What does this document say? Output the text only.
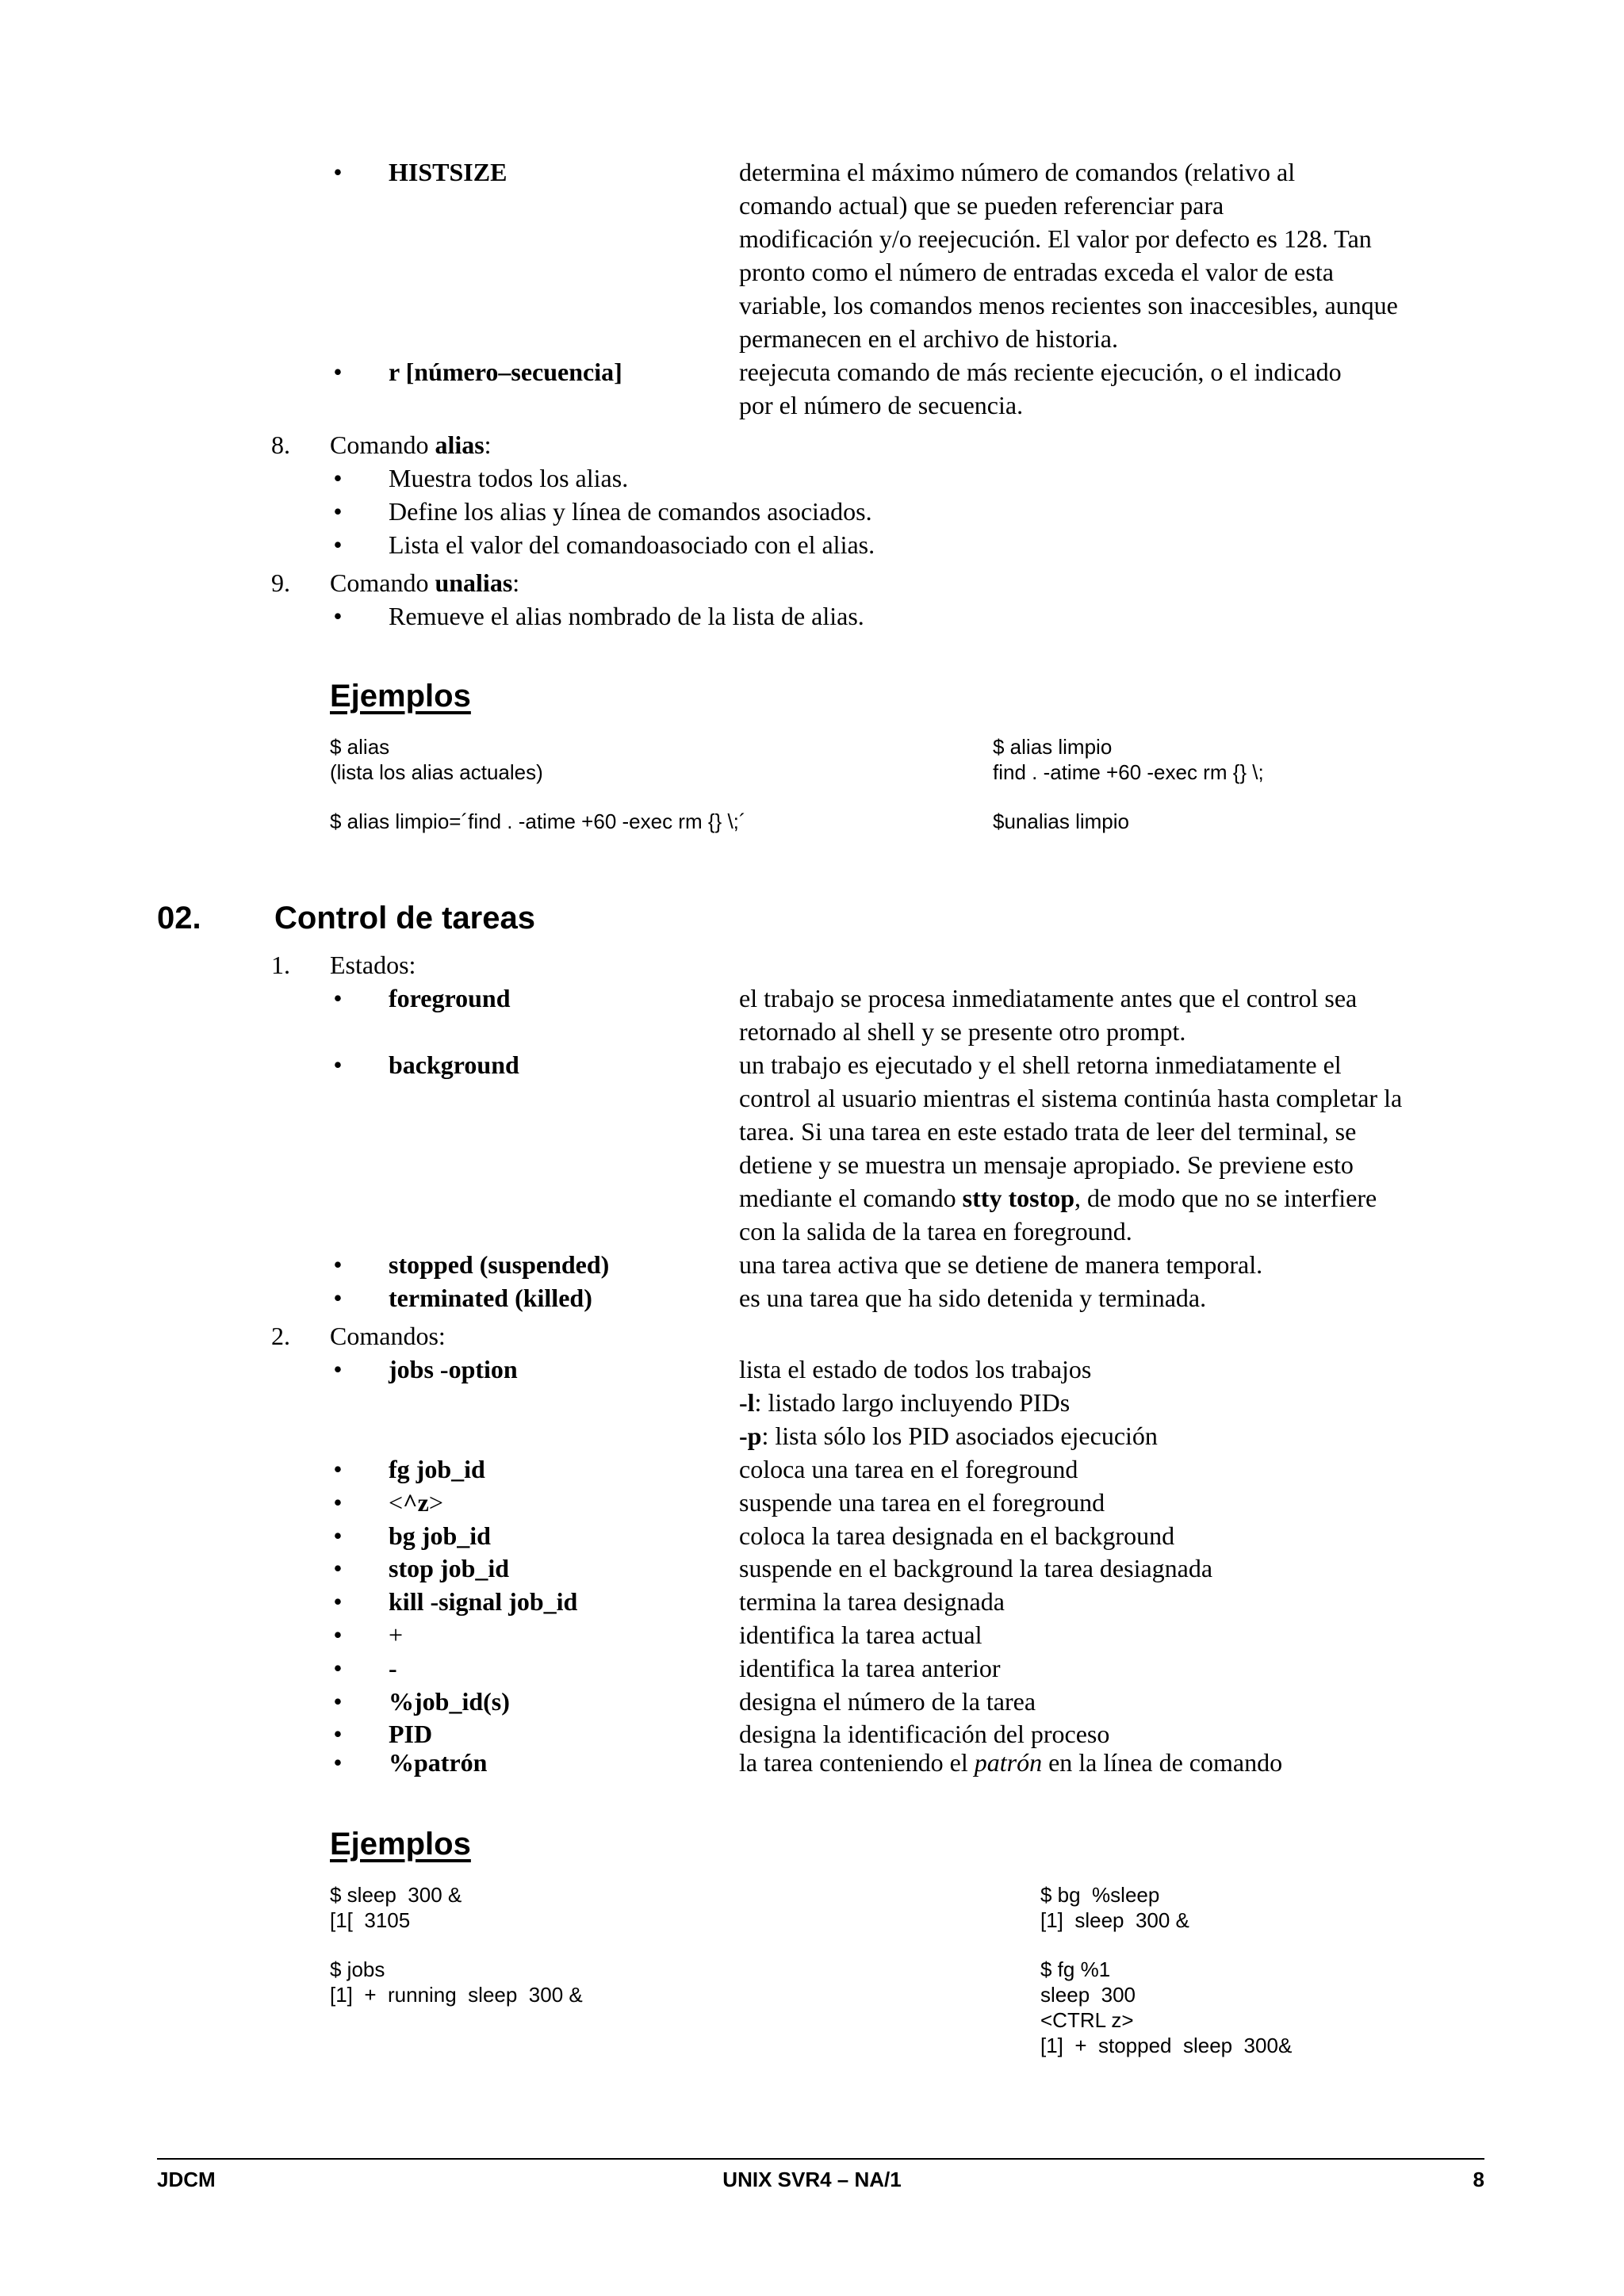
• HISTSIZE	determina el máximo número de comandos (relativo al
comando actual) que se pueden referenciar para
modificación y/o reejecución. El valor por defecto es 128. Tan
pronto como el número de entradas exceda el valor de esta
variable, los comandos menos recientes son inaccesibles, aunque
permanecen en el archivo de historia.
• r [número–secuencia]	reejecuta comando de más reciente ejecución, o el indicado
por el número de secuencia.
8. Comando alias:
• Muestra todos los alias.
• Define los alias y línea de comandos asociados.
• Lista el valor del comandoasociado con el alias.
9. Comando unalias:
• Remueve el alias nombrado de la lista de alias.
Ejemplos
$ alias
(lista los alias actuales)
$ alias limpio=´find . -atime +60 -exec rm {} \;´
$ alias limpio
find . -atime +60 -exec rm {} \;
$unalias limpio
02. Control de tareas
1. Estados:
• foreground	el trabajo se procesa inmediatamente antes que el control sea
retornado al shell y se presente otro prompt.
• background	un trabajo es ejecutado y el shell retorna inmediatamente el
control al usuario mientras el sistema continúa hasta completar la
tarea. Si una tarea en este estado trata de leer del terminal, se
detiene y se muestra un mensaje apropiado. Se previene esto
mediante el comando stty tostop, de modo que no se interfiere
con la salida de la tarea en foreground.
• stopped (suspended)	una tarea activa que se detiene de manera temporal.
• terminated (killed)	es una tarea que ha sido detenida y terminada.
2. Comandos:
• jobs -option	lista el estado de todos los trabajos
-l: listado largo incluyendo PIDs
-p: lista sólo los PID asociados ejecución
• fg job_id	coloca una tarea en el foreground
• <^z>	suspende una tarea en el foreground
• bg job_id	coloca la tarea designada en el background
• stop job_id	suspende en el background la tarea desiagnada
• kill -signal job_id	termina la tarea designada
• +	identifica la tarea actual
• -	identifica la tarea anterior
• %job_id(s)	designa el número de la tarea
• PID	designa la identificación del proceso
• %patrón	la tarea conteniendo el patrón en la línea de comando
Ejemplos
$ sleep  300 &
[1[  3105
$ jobs
[1]  +  running  sleep  300 &
$ bg  %sleep
[1]  sleep  300 &
$ fg %1
sleep  300
<CTRL z>
[1]  +  stopped  sleep  300&
JDCM	UNIX SVR4 – NA/1	8
